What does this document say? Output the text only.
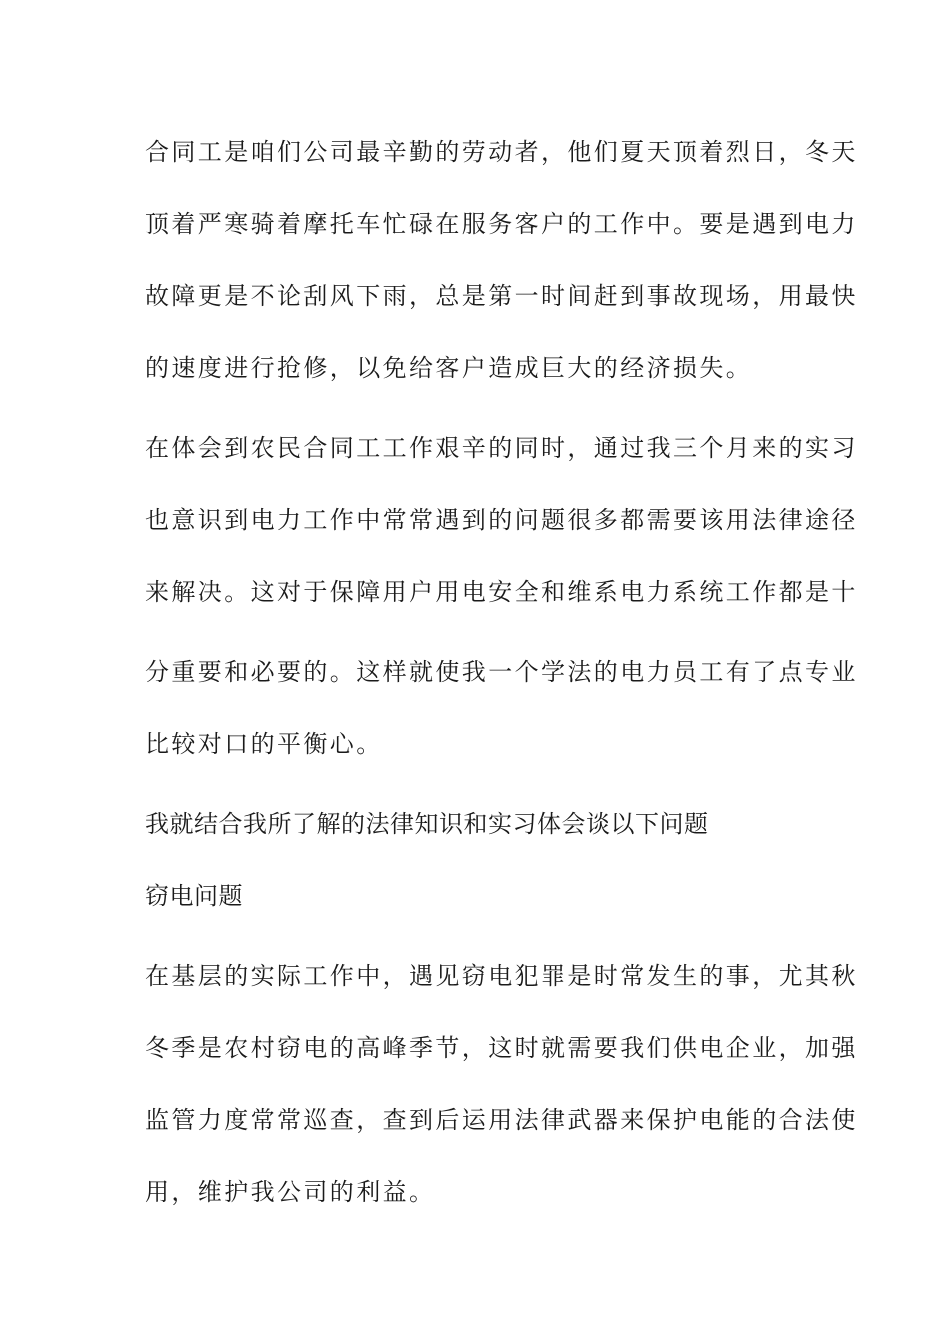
合同工是咱们公司最辛勤的劳动者，他们夏天顶着烈日，冬天
顶着严寒骑着摩托车忙碌在服务客户的工作中。要是遇到电力
故障更是不论刮风下雨，总是第一时间赶到事故现场，用最快
的速度进行抢修，以免给客户造成巨大的经济损失。
在体会到农民合同工工作艰辛的同时，通过我三个月来的实习
也意识到电力工作中常常遇到的问题很多都需要该用法律途径
来解决。这对于保障用户用电安全和维系电力系统工作都是十
分重要和必要的。这样就使我一个学法的电力员工有了点专业
比较对口的平衡心。
我就结合我所了解的法律知识和实习体会谈以下问题
窃电问题
在基层的实际工作中，遇见窃电犯罪是时常发生的事，尤其秋
冬季是农村窃电的高峰季节，这时就需要我们供电企业，加强
监管力度常常巡查，查到后运用法律武器来保护电能的合法使
用，维护我公司的利益。
